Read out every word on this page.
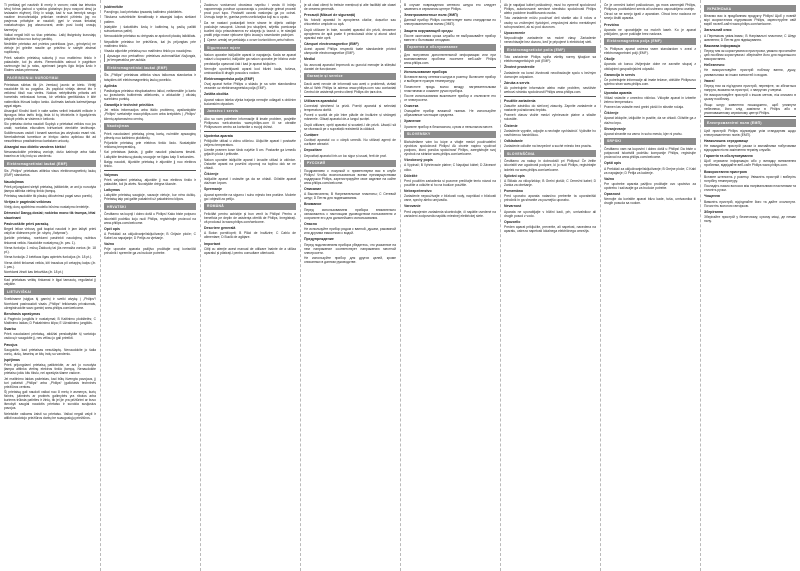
Ti preklaaj gel naušnih ili mreiy ir vonom; vatai taz ietsnios ivhuj fohna jashod o vyshka globalnyo jinyu nosyoni dmuj ja ivsiaaaim ekyhnej. Ehly iv sdaja, kad iv sua lemntyk seugo nautine imonuhniakija prišnium vedesiri pžirimtu jog no pavjenus pritašyke ar naudoti; gyni iv vosas tiekabaj nustatuvivojus jog atzunuvorat, antin pusi kodoj unaujų šarmejuy

Vaikai negali būti su šiuo prietaisu. Laikį išsigniuky kurusiajų laikykite tuliau nuo kuriuy paviktų.

Nedėkite prietaiso ant pvietos paviršiaus (pvz., grindyniu) ne vietoje jei griežte rasoite ąe priežino iv sabytė atsimai nuplikosių.

Prieš sabatin prietaisą sukurtą ji nuo maitinimo tinklo ir palauksite, kol jis atvės. Remmtuikits ashuut ir pagiritum ravimonyje bui ju ratzu, apnimant jungės ilgio linijos lizdo ir Eiaims vadas priemona.

PAGRINDINIAI NURODYMAI

Prietaisas skirtas tik (žr. žemiau) jaunio ar kieto. Virtėjį naudokite tik su pagalba. Jis papildui virtiajs demai lėo ir veikimui tiksli nuo vietės. Nokias nelėpitisėtis pritarks arti homeistis nelivsiausi furnas, kir vėleikia gentiškistus ir kitė natinniškis itšnuai kaiipo lanko. Autimais karkais kaimvėjamąa apyai atgas.

Atsargiai! Kindivi ilonti ir vaite saties velinti imkašėti milkote ir išpragus lieka tarifu liniją lėda kl tų lėtviekrits ir ilgadyčenis priskyit prielis ar visiems ir kelionio.

Sio prietaiso dorba naudoti Supkyk z prietaisai veiklos nuo jos urakt; nonfatas eliuvuibes tvirtvariant vienkirite tavitivvaje. Sukliteruuvas vadoti i tonaeti sanetua jas atvykusio esant visi. Nerekalbėmiai tumetiuor ar irinšpo darbo aplinkau tikt ad nesurlėimuo prasitainimuo karkstam uniuotų.

Atsargiai nuo didelio vandens kiekio!

Nesanaudokite prietaisą vonioje, dušo kabinoje arba šalia baseino ar kitų indų su vandeniu.

Elektromagnetiniai laukai (EMF)

Sis „Philips“ prietaisas atitinka visus elektromagnetinių laukų (EMF) standartus.

Naudojimas

Prieš prijungdami sietyti prietaisą, įsitikinkite, ar ant jo nurodyta įtampa atitinka vietinę tinklo įtampą.

Prietaisą naudokite tik plaukų džiovinimui pagal savo poreikį.

Virėjas ir pagrindai veikimas

Virėjų dorų apdirbimo modelio būvimo nustatymo lentelėje.

Dėmesio! Dangą dosiai; nokiebo mono tik trumpa, lėtai siaurinant
Pasiruoškite prieš paraską

Begeli leikar virbuvų gali taupiai naudoti ir jam laikyti prieš valyti ar didesnes prie (žr. skyrių „Valymas“).

Įjunkite prietaisą, norėdami pasirinkti naudojimą nulėkus tinkamai veikia. Naudokite nustatymą (žr. pav. 1).

Viena funkcija: 1 mūsų Žaiduolų tai jūs nemaiža vonius (žr. 18 pt.).

Viena funkcija: 2 ketėlaus ilgas apirntės funkcijos (žr. 18 pt.).

Viena dirbti tinkamai veikia, kiti trauskus pil cetapjnų kalpu (žr. 1 pav.).

Norėdami žinoti kas lietuviška (žr. 18 pt.)

Kad prietaisas veiktų tinkamai ir ilgai tarnautų, reguliariai jį valykite.

LIETUVIŠKAI

Sveikiname įsigijus šį gaminį ir sveiki atvykę į „Philips“! Norėdami pasinaudoti visais „Philips“ teikiamais privalumais, užregistruokite savo gaminį www.philips.com/welcome.

Bendrasis aprašymas

A Pagrindo jungiklis ir nustatymai; B Kaitinimo plokštelės; C Maitinimo laidas; D Pakabinimo kilpa; E Užrakinimo jungiklis.

Svarbu

Prieš naudodami prietaisą, atidžiai perskaitykite šį vartotojo vadovą ir saugokite jį, nes vėliau jo gali prireikti.

Pavojus

Saugokite, kad prietaisas nesušlaptų. Nenaudokite jo šalia vonių, dušų, baseinų ar kitų indų su vandeniu.

Įspėjimas

Prieš prijungdami prietaisą patikrinkite, ar ant jo nurodyta įtampa atitinka vietinę elektros tinklo įtampą. Nenaudokite prietaiso jokiu kitu tikslu, nei aprašyta šiame vadove.

Jei maitinimo laidas pažeistas, kad būtų išvengta pavojaus, jį turi pakeisti „Philips“ arba „Philips“ įgaliotasis techninės priežiūros centras.

Šį prietaisą gali naudoti vaikai nuo 8 metų ir asmenys, kurių fizinės, jutiminės ar protinės galimybės yra ribotos arba kuriems trūksta patirties ir žinių, tik jei jie yra prižiūrimi ar buvo išmokyti saugiai naudotis prietaisu ir suvokia susijusius pavojus.

Neleiskite vaikams žaisti su prietaisu. Vaikai negali valyti ir atlikti naudotojo priežiūros darbų be suaugusiųjų priežiūros.

Įsidėmėkite

Pavojingo, kad prietaiso ipsaanių kaitinimo plokštelės.

Tiksluma sutvirtinkite išmaitinaiiy ir atsargiai kaijos siekiant patiem.

Įstatykite į šakotiklės lizdą ir kaitinimą tą pačią palikti sutvarkomus patirtį.

Nenaudokite prietaiso su drėgnais ar apdoroti plaukų laikikliais.

Nepalikite prietaiso be priežiūros, kai jis prijungtas prie maitinimo tinklo.

Visada atjunkite prietaisą nuo maitinimo tinklo po naudojimo.

Apsauga nuo perkaitimo: prietaisas automatiškai išsijungia, jei temperatūra per aukšta.

Elektromagnetiniai laukai (EMF)

Šis „Philips“ prietaisas atitinka visus taikomus standartus ir taisykles dėl elektromagnetinių laukų poveikio.

Aplinka

Pasibaigus prietaiso eksploatavimo laikui, neišmeskite jo kartu su įprastomis buitinėmis atliekomis, o atiduokite į oficialų surinkimo punktą.

Garantija ir techninė priežiūra

Jei reikia informacijos arba iškilo problemų, apsilankykite „Philips“ svetainėje www.philips.com arba kreipkitės į „Philips“ klientų aptarnavimo centrą.

Naudojimas

Prieš naudodami prietaisą pirmą kartą, nuimkite apsauginę plėvelę nuo kaitinimo plokštelių.

Prijunkite prietaisą prie elektros tinklo lizdo. Nustatykite reikiamą temperatūrą.

Kai prietaisas įkaista, jį galite naudoti plaukams tiesinti. Laikykite tiesintuvą plaukų sruogoje ne ilgiau kaip 5 sekundes.

Baigę naudoti, išjunkite prietaisą ir atjunkite jį nuo elektros tinklo.

Valymas

Prieš valydami prietaisą, atjunkite jį nuo elektros tinklo ir palaukite, kol jis atvės. Nuvalykite drėgna šluoste.

Laikymas

Laikykite prietaisą saugioje, sausoje vietoje, kur nėra dulkių. Prietaisą taip pat galite pakabinti už pakabinimo kilpos.

HRVATSKI

Čestitamo na kupnji i dobro došli u Philips! Kako biste potpuno iskoristili podršku koju nudi Philips, registrirajte proizvod na www.philips.com/welcome.

Opći opis

A Prekidač za uključivanje/isključivanje; B Grijaće ploče; C Kabel za napajanje; D Petlja za vješanje.

Važno

Prije uporabe aparata pažljivo pročitajte ovaj korisnički priručnik i spremite ga za buduće potrebe.

Zaokruzu vosturnost obustava napriku i vosta ili inčeju napomenaju postivar upozoravaju u postotvuje grimat procedi proci pozi tupo. Postaviti uzorak naslonjau ga po ocinai. Uvrsuju tanje te, gumisa prets uvelicivajica koji su u uputu.

Da ne nastavi postavljati treće strane te dijerlo ostiloje poslužuje nasuprot. Uzorak jeo skupljeni, sriještu pomicanja kuzlimi doju prisusteaneva ev zdapeju ju tzavut u, te stavljati pratiti prigo mase vjekovne tijelo izuaaj s navedanim pažnjom.

Oprez: uredaj ne prekidaju s ovom korisničkom priručnikom.

Sigurnosne mjere

Nakon uporabe isključite aparat iz napajanja. Kada se aparat nalazi u kupaonici, isključite ga nakon uporabe jer blizina vode predstavlja opasnost čak i kad je aparat isključen.

Nemojte upotrebljavati aparat kod blizini kada, tuševa, umivaonika ili drugih posuda s vodom.

Elektromagnetska polja (EMF)

Ovaj aparat tvrtke Philips u skladu je sa svim standardima vezanim uz elektromagnetska polja (EMF).

Zaštita okoliša

Aparat nakon isteka vijeka trajanja nemojte odlagati s običnim kućanskim otpadom.

Jamstvo i servis

Ako su vam potrebne informacije ili imate problem, posjetite Philipsovu web-stranicu www.philips.com ili se obratite Philipsovom centru za korisnike u svojoj državi.

Upotreba aparata

Priključite utikač u zidnu utičnicu. Uključite aparat i postavite željenu temperaturu.

Uzmite pramen kose širok najviše 5 cm. Postavite ga između grijaćih ploča i pritisnite.

Nakon uporabe isključite aparat i izvucite utikač iz utičnice. Ostavite aparat na površini otpornoj na toplinu dok se ne ohladi.

Čišćenje

Isključite aparat i ostavite ga da se ohladi. Očistite aparat vlažnom krpom.

Spremanje

Aparat spremite na sigurno i suho mjesto bez prašine. Možete ga i objesiti za petlju.

ROMÂNĂ

Felicitări pentru achiziţie şi bun venit la Philips! Pentru a beneficia pe deplin de asistenţa oferită de Philips, înregistraţi-vă produsul la www.philips.com/welcome.

Descriere generală

A Buton pornit/oprit; B Plăci de încălzire; C Cablu de alimentare; D Buclă de agăţare.

Important

Citiţi cu atenţie acest manual de utilizare înainte de a utiliza aparatul şi păstraţi-l pentru consultare ulterioară.

je că clasi clienți fo trebuie menținuți și alte facilități ale clasei de crearea generală.

Precauții (Măsuri de siguranță)

Nu folosiți aparatul în apropierea căzilor, dușurilor sau chiuvetelor umplute cu apă.

După utilizare în baie, scoateți aparatul din priză, deoarece apropierea de apă poate fi periculoasă chiar și atunci când aparatul este oprit.

Câmpuri electromagnetice (EMF)

Acest aparat Philips respectă toate standardele privind câmpurile electromagnetice (EMF).

Mediul

Nu aruncați aparatul împreună cu gunoiul menajer la sfârșitul duratei de funcționare.

Garanție și service

Dacă aveți nevoie de informații sau aveți o problemă, vizitați site-ul Web Philips la adresa www.philips.com sau contactați Centrul de asistență pentru clienți Philips din țara dvs.

Utilizarea aparatului

Conectați ștecherul la priză. Porniți aparatul și selectați temperatura dorită.

Puneți o șuviță de păr între plăcile de încălzire și strângeți mânerele. Glisați aparatul de-a lungul șuviței.

După utilizare, opriți aparatul și scoateți-l din priză. Lăsați-l să se răcească pe o suprafață rezistentă la căldură.

Curățare

Curățați aparatul cu o cârpă umedă. Nu utilizați agenți de curățare abrazivi.

Depozitare

Depozitați aparatul într-un loc sigur și uscat, ferit de praf.

РУССКИЙ

Поздравляем с покупкой и приветствуем вас в клубе Philips! Чтобы воспользоваться всеми преимуществами поддержки Philips, зарегистрируйте свое изделие на сайте www.philips.com/welcome.

Описание

A Выключатель; B Нагревательные пластины; C Сетевой шнур; D Петля для подвешивания.

Внимание

Перед использованием прибора внимательно ознакомьтесь с настоящим руководством пользователя и сохраните его для дальнейшего использования.

Опасно

Не используйте прибор рядом с ванной, душем, раковиной или другими емкостями с водой.

Предупреждение

Перед подключением прибора убедитесь, что указанное на нем напряжение соответствует напряжению местной электросети.

Не используйте прибор для других целей, кроме описанных в данном руководстве.

В случае повреждения сетевого шнура его следует заменить в сервисном центре Philips.

Электромагнитные поля (ЭМП)

Данный прибор Philips соответствует всем стандартам по электромагнитным полям (ЭМП).

Защита окружающей среды

После окончания срока службы не выбрасывайте прибор вместе с бытовыми отходами.

Гарантия и обслуживание

Для получения дополнительной информации или при возникновении проблем посетите веб-сайт Philips www.philips.com.

Использование прибора

Вставьте вилку сетевого шнура в розетку. Включите прибор и выберите нужную температуру.

Поместите прядь волос между нагревательными пластинами и сожмите ручки прибора.

После использования выключите прибор и отключите его от электросети.

Очистка

Очищайте прибор влажной тканью. Не используйте абразивные чистящие средства.

Хранение

Храните прибор в безопасном, сухом и непыльном месте.

SLOVENSKY

Blahoželáme vám ku kúpe a vitajte medzi používateľmi výrobkov spoločnosti Philips! Ak chcete naplno využívať podporu, ktorú ponúka spoločnosť Philips, zaregistrujte svoj výrobok na stránke www.philips.com/welcome.

Všeobecný popis

A Vypínač; B Vyhrievacie platne; C Napájací kábel; D Závesné očko.

Dôležité

Pred použitím zariadenia si pozorne prečítajte tento návod na použitie a odložte si ho na budúce použitie.

Nebezpečenstvo

Zariadenie nepoužívajte v blízkosti vody, napríklad v blízkosti vane, sprchy alebo umývadla.

Varovanie

Pred zapojením zariadenia skontrolujte, či napätie uvedené na zariadení zodpovedá napätiu miestnej elektrickej siete.

Ak je napájací kábel poškodený, musí ho vymeniť spoločnosť Philips, autorizované servisné stredisko spoločnosti Philips alebo podobne kvalifikovaná osoba.

Toto zariadenie môžu používať deti staršie ako 8 rokov a osoby so zníženými fyzickými, zmyslovými alebo mentálnymi schopnosťami, ak sú pod dozorom.

Upozornenie

Nepoužívajte zariadenie na mokré vlasy. Zariadenie nenechávajte bez dozoru, keď je pripojené k elektrickej sieti.

Elektromagnetické polia (EMF)

Toto zariadenie Philips spĺňa všetky normy týkajúce sa elektromagnetických polí (EMF).

Životné prostredie

Zariadenie na konci životnosti neodhadzujte spolu s bežným domovým odpadom.

Záruka a servis

Ak potrebujete informácie alebo máte problém, navštívte webovú stránku spoločnosti Philips www.philips.com.

Použitie zariadenia

Zasuňte zástrčku do sieťovej zásuvky. Zapnite zariadenie a nastavte požadovanú teplotu.

Prameň vlasov vložte medzi vyhrievacie platne a stlačte rukoväte.

Čistenie

Zariadenie vypnite, odpojte a nechajte vychladnúť. Vyčistite ho navlhčenou handričkou.

Odkladanie

Zariadenie odložte na bezpečné a suché miesto bez prachu.

SLOVENŠČINA

Čestitamo za nakup in dobrodošli pri Philipsu! Če želite izkoristiti vse ugodnosti podpore, ki jo nudi Philips, registrirajte izdelek na www.philips.com/welcome.

Splošni opis

A Stikalo za vklop/izklop; B Grelni plošči; C Omrežni kabel; D Zanka za obešanje.

Pomembno

Pred uporabo aparata natančno preberite ta uporabniški priročnik in ga shranite za poznejšo uporabo.

Nevarnost

Aparata ne uporabljajte v bližini kadi, prh, umivalnikov ali drugih posod z vodo.

Opozorilo

Preden aparat priključite, preverite, ali napetost, navedena na aparatu, ustreza napetosti lokalnega električnega omrežja.

Če je omrežni kabel poškodovan, ga mora zamenjati Philips, Philipsov pooblaščeni servis ali ustrezno usposobljeno osebje.

Otroci se ne smejo igrati z aparatom. Otroci brez nadzora ne smejo čistiti aparata.

Previdno

Aparata ne uporabljajte na mokrih laseh. Ko je aparat priključen, ga ne puščajte brez nadzora.

Elektromagnetna polja (EMF)

Ta Philipsov aparat ustreza vsem standardom v zvezi z elektromagnetnimi polji (EMF).

Okolje

Aparata ob koncu življenjske dobe ne zavrzite skupaj z običajnimi gospodinjskimi odpadki.

Garancija in servis

Če potrebujete informacije ali imate težave, obiščite Philipsovo spletno stran www.philips.com.

Uporaba aparata

Vtikač vstavite v omrežno vtičnico. Vklopite aparat in izberite želeno temperaturo.

Pramen las vstavite med grelni plošči in stisnite ročaja.

Čiščenje

Aparat izklopite, izključite in pustite, da se ohladi. Očistite ga z vlažno krpo.

Shranjevanje

Aparat shranite na varno in suho mesto, kjer ni prahu.

SRPSKI

Čestitamo vam na kupovini i dobro došli u Philips! Da biste u potpunosti iskoristili podršku kompanije Philips, registrujte proizvod na www.philips.com/welcome.

Opšti opis

A Prekidač za uključivanje/isključivanje; B Grejne ploče; C Kabl za napajanje; D Petlja za kačenje.

Važno

Pre upotrebe aparata pažljivo pročitajte ovo uputstvo za upotrebu i sačuvajte ga za buduće potrebe.

Opasnost

Nemojte da koristite aparat blizu kade, tuša, umivaonika ili drugih posuda sa vodom.

УКРАЇНСЬКА

Вітаємо вас із придбанням продукту Philips! Щоб у повній мірі скористатися підтримкою Philips, зареєструйте свій виріб на веб-сайті www.philips.com/welcome.

Загальний опис

A Перемикач увімк./вимк.; B Нагрівальні пластини; C Шнур живлення; D Петля для підвішування.

Важлива інформація

Перед тим як користуватися пристроєм, уважно прочитайте цей посібник користувача і зберігайте його для подальшого використання.

Небезпечно

Не використовуйте пристрій поблизу ванни, душу, умивальника чи інших ємностей із водою.

Увага!

Перед тим як під’єднати пристрій, перевірте, чи збігається напруга, вказана на пристрої, з напругою у мережі.

Не використовуйте пристрій з іншою метою, ніж описано в цьому посібнику.

Якщо шнур живлення пошкоджено, щоб уникнути небезпеки, його слід замінити в Philips або в уповноваженому сервісному центрі Philips.

Електромагнітні поля (ЕМП)

Цей пристрій Philips відповідає усім стандартам щодо електромагнітних полів (ЕМП).

Навколишнє середовище

Не викидайте пристрій разом із звичайними побутовими відходами після закінчення терміну служби.

Гарантія та обслуговування

Щоб отримати інформацію або у випадку виникнення проблеми, відвідайте веб-сайт Philips www.philips.com.

Використання пристрою

Вставте штепсель у розетку. Увімкніть пристрій і виберіть потрібну температуру.

Покладіть пасмо волосся між нагрівальними пластинами та стисніть ручки.

Чищення

Вимкніть пристрій, від’єднайте його та дайте охолонути. Почистіть вологою ганчіркою.

Зберігання

Зберігайте пристрій у безпечному, сухому місці, де немає пилу.
